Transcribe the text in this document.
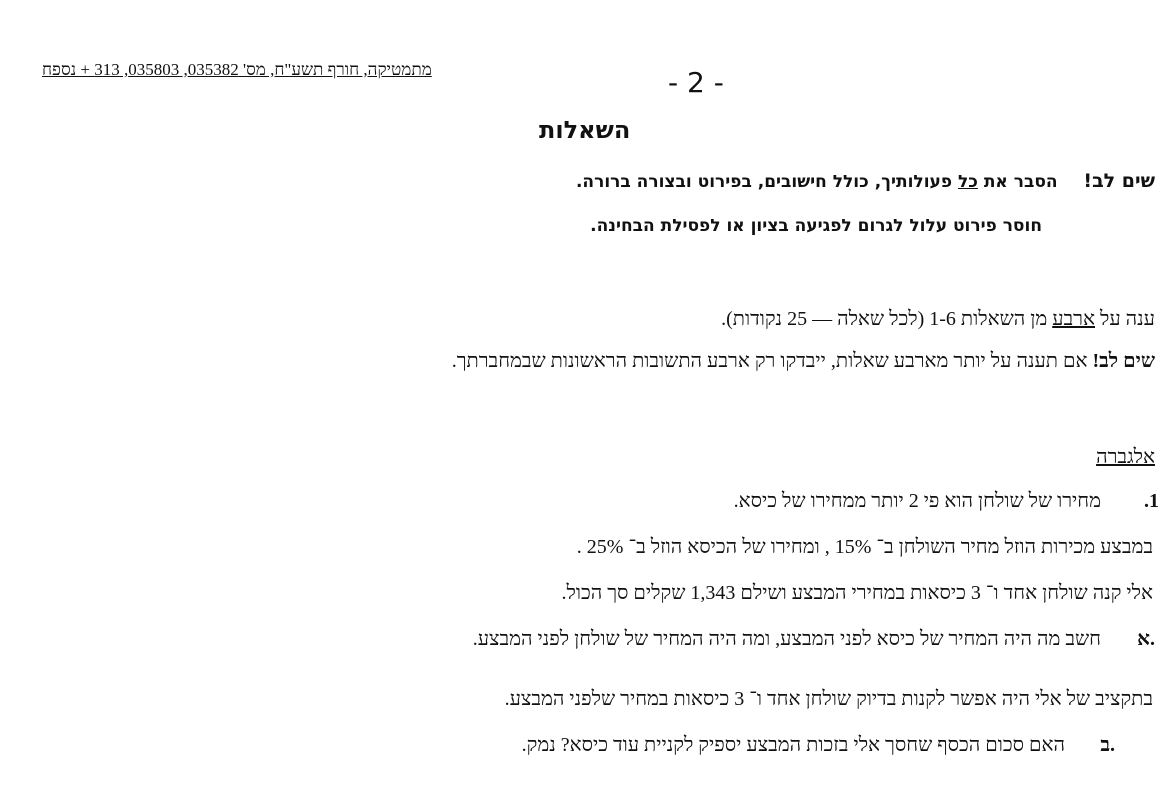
מתמטיקה, חורף תשע"ח, מס' 035382, 035803, 313 + נספח	- 2 -
השאלות
שים לב!  הסבר את כל פעולותיך, כולל חישובים, בפירוט ובצורה ברורה.
חוסר פירוט עלול לגרום לפגיעה בציון או לפסילת הבחינה.
ענה על ארבע מן השאלות 1-6 (לכל שאלה — 25 נקודות).
שים לב! אם תענה על יותר מארבע שאלות, ייבדקו רק ארבע התשובות הראשונות שבמחברתך.
אלגברה
.1
מחירו של שולחן הוא פי 2 יותר ממחירו של כיסא.
במבצע מכירות הוזל מחיר השולחן ב־ 15% , ומחירו של הכיסא הוזל ב־ 25% .
אלי קנה שולחן אחד ו־ 3 כיסאות במחירי המבצע ושילם 1,343 שקלים סך הכול.
א.
חשב מה היה המחיר של כיסא לפני המבצע, ומה היה המחיר של שולחן לפני המבצע.
בתקציב של אלי היה אפשר לקנות בדיוק שולחן אחד ו־ 3 כיסאות במחיר שלפני המבצע.
ב.
האם סכום הכסף שחסך אלי בזכות המבצע יספיק לקניית עוד כיסא? נמק.
